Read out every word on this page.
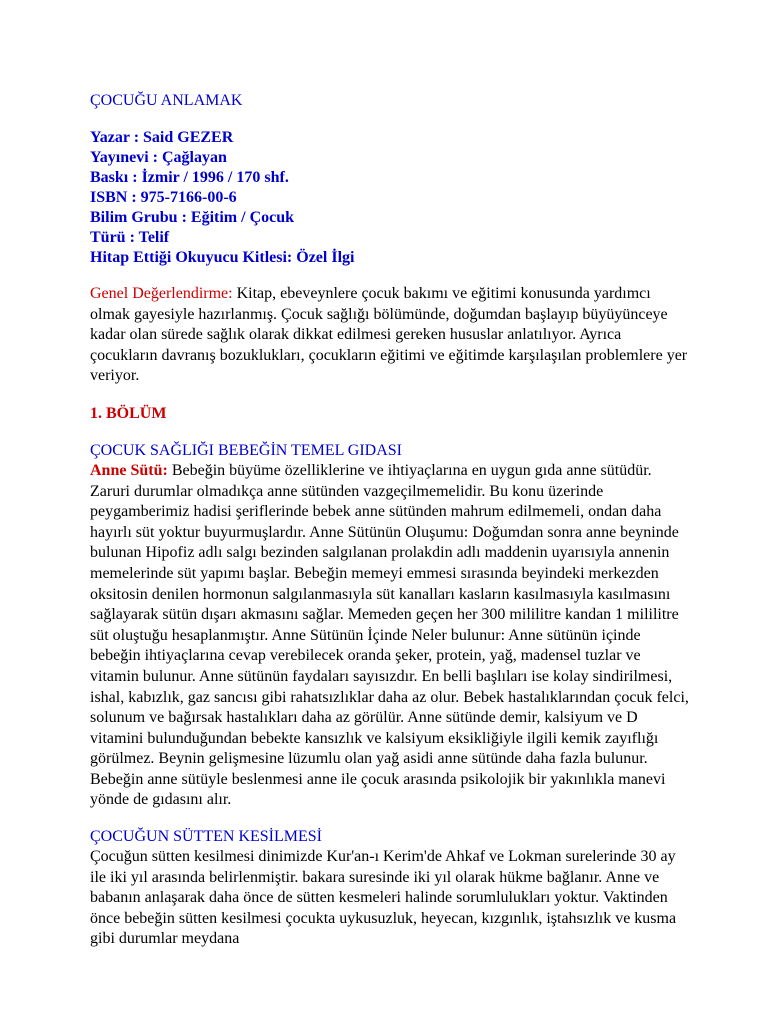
ÇOCUĞU ANLAMAK
Yazar : Said GEZER
Yayınevi : Çağlayan
Baskı : İzmir / 1996 / 170 shf.
ISBN : 975-7166-00-6
Bilim Grubu : Eğitim / Çocuk
Türü : Telif
Hitap Ettiği Okuyucu Kitlesi: Özel İlgi
Genel Değerlendirme: Kitap, ebeveynlere çocuk bakımı ve eğitimi konusunda yardımcı olmak gayesiyle hazırlanmış. Çocuk sağlığı bölümünde, doğumdan başlayıp büyüyünceye kadar olan sürede sağlık olarak dikkat edilmesi gereken hususlar anlatılıyor. Ayrıca çocukların davranış bozuklukları, çocukların eğitimi ve eğitimde karşılaşılan problemlere yer veriyor.
1. BÖLÜM
ÇOCUK SAĞLIĞI BEBEĞİN TEMEL GIDASI
Anne Sütü: Bebeğin büyüme özelliklerine ve ihtiyaçlarına en uygun gıda anne sütüdür. Zaruri durumlar olmadıkça anne sütünden vazgeçilmemelidir. Bu konu üzerinde peygamberimiz hadisi şeriflerinde bebek anne sütünden mahrum edilmemeli, ondan daha hayırlı süt yoktur buyurmuşlardır. Anne Sütünün Oluşumu: Doğumdan sonra anne beyninde bulunan Hipofiz adlı salgı bezinden salgılanan prolakdin adlı maddenin uyarısıyla annenin memelerinde süt yapımı başlar. Bebeğin memeyi emmesi sırasında beyindeki merkezden oksitosin denilen hormonun salgılanmasıyla süt kanalları kasların kasılmasıyla kasılmasını sağlayarak sütün dışarı akmasını sağlar. Memeden geçen her 300 mililitre kandan 1 mililitre süt oluştuğu hesaplanmıştır. Anne Sütünün İçinde Neler bulunur: Anne sütünün içinde bebeğin ihtiyaçlarına cevap verebilecek oranda şeker, protein, yağ, madensel tuzlar ve vitamin bulunur. Anne sütünün faydaları sayısızdır. En belli başlıları ise kolay sindirilmesi, ishal, kabızlık, gaz sancısı gibi rahatsızlıklar daha az olur. Bebek hastalıklarından çocuk felci, solunum ve bağırsak hastalıkları daha az görülür. Anne sütünde demir, kalsiyum ve D vitamini bulunduğundan bebekte kansızlık ve kalsiyum eksikliğiyle ilgili kemik zayıflığı görülmez. Beynin gelişmesine lüzumlu olan yağ asidi anne sütünde daha fazla bulunur. Bebeğin anne sütüyle beslenmesi anne ile çocuk arasında psikolojik bir yakınlıkla manevi yönde de gıdasını alır.
ÇOCUĞUN SÜTTEN KESİLMESİ
Çocuğun sütten kesilmesi dinimizde Kur'an-ı Kerim'de Ahkaf ve Lokman surelerinde 30 ay ile iki yıl arasında belirlenmiştir. bakara suresinde iki yıl olarak hükme bağlanır. Anne ve babanın anlaşarak daha önce de sütten kesmeleri halinde sorumlulukları yoktur. Vaktinden önce bebeğin sütten kesilmesi çocukta uykusuzluk, heyecan, kızgınlık, iştahsızlık ve kusma gibi durumlar meydana
